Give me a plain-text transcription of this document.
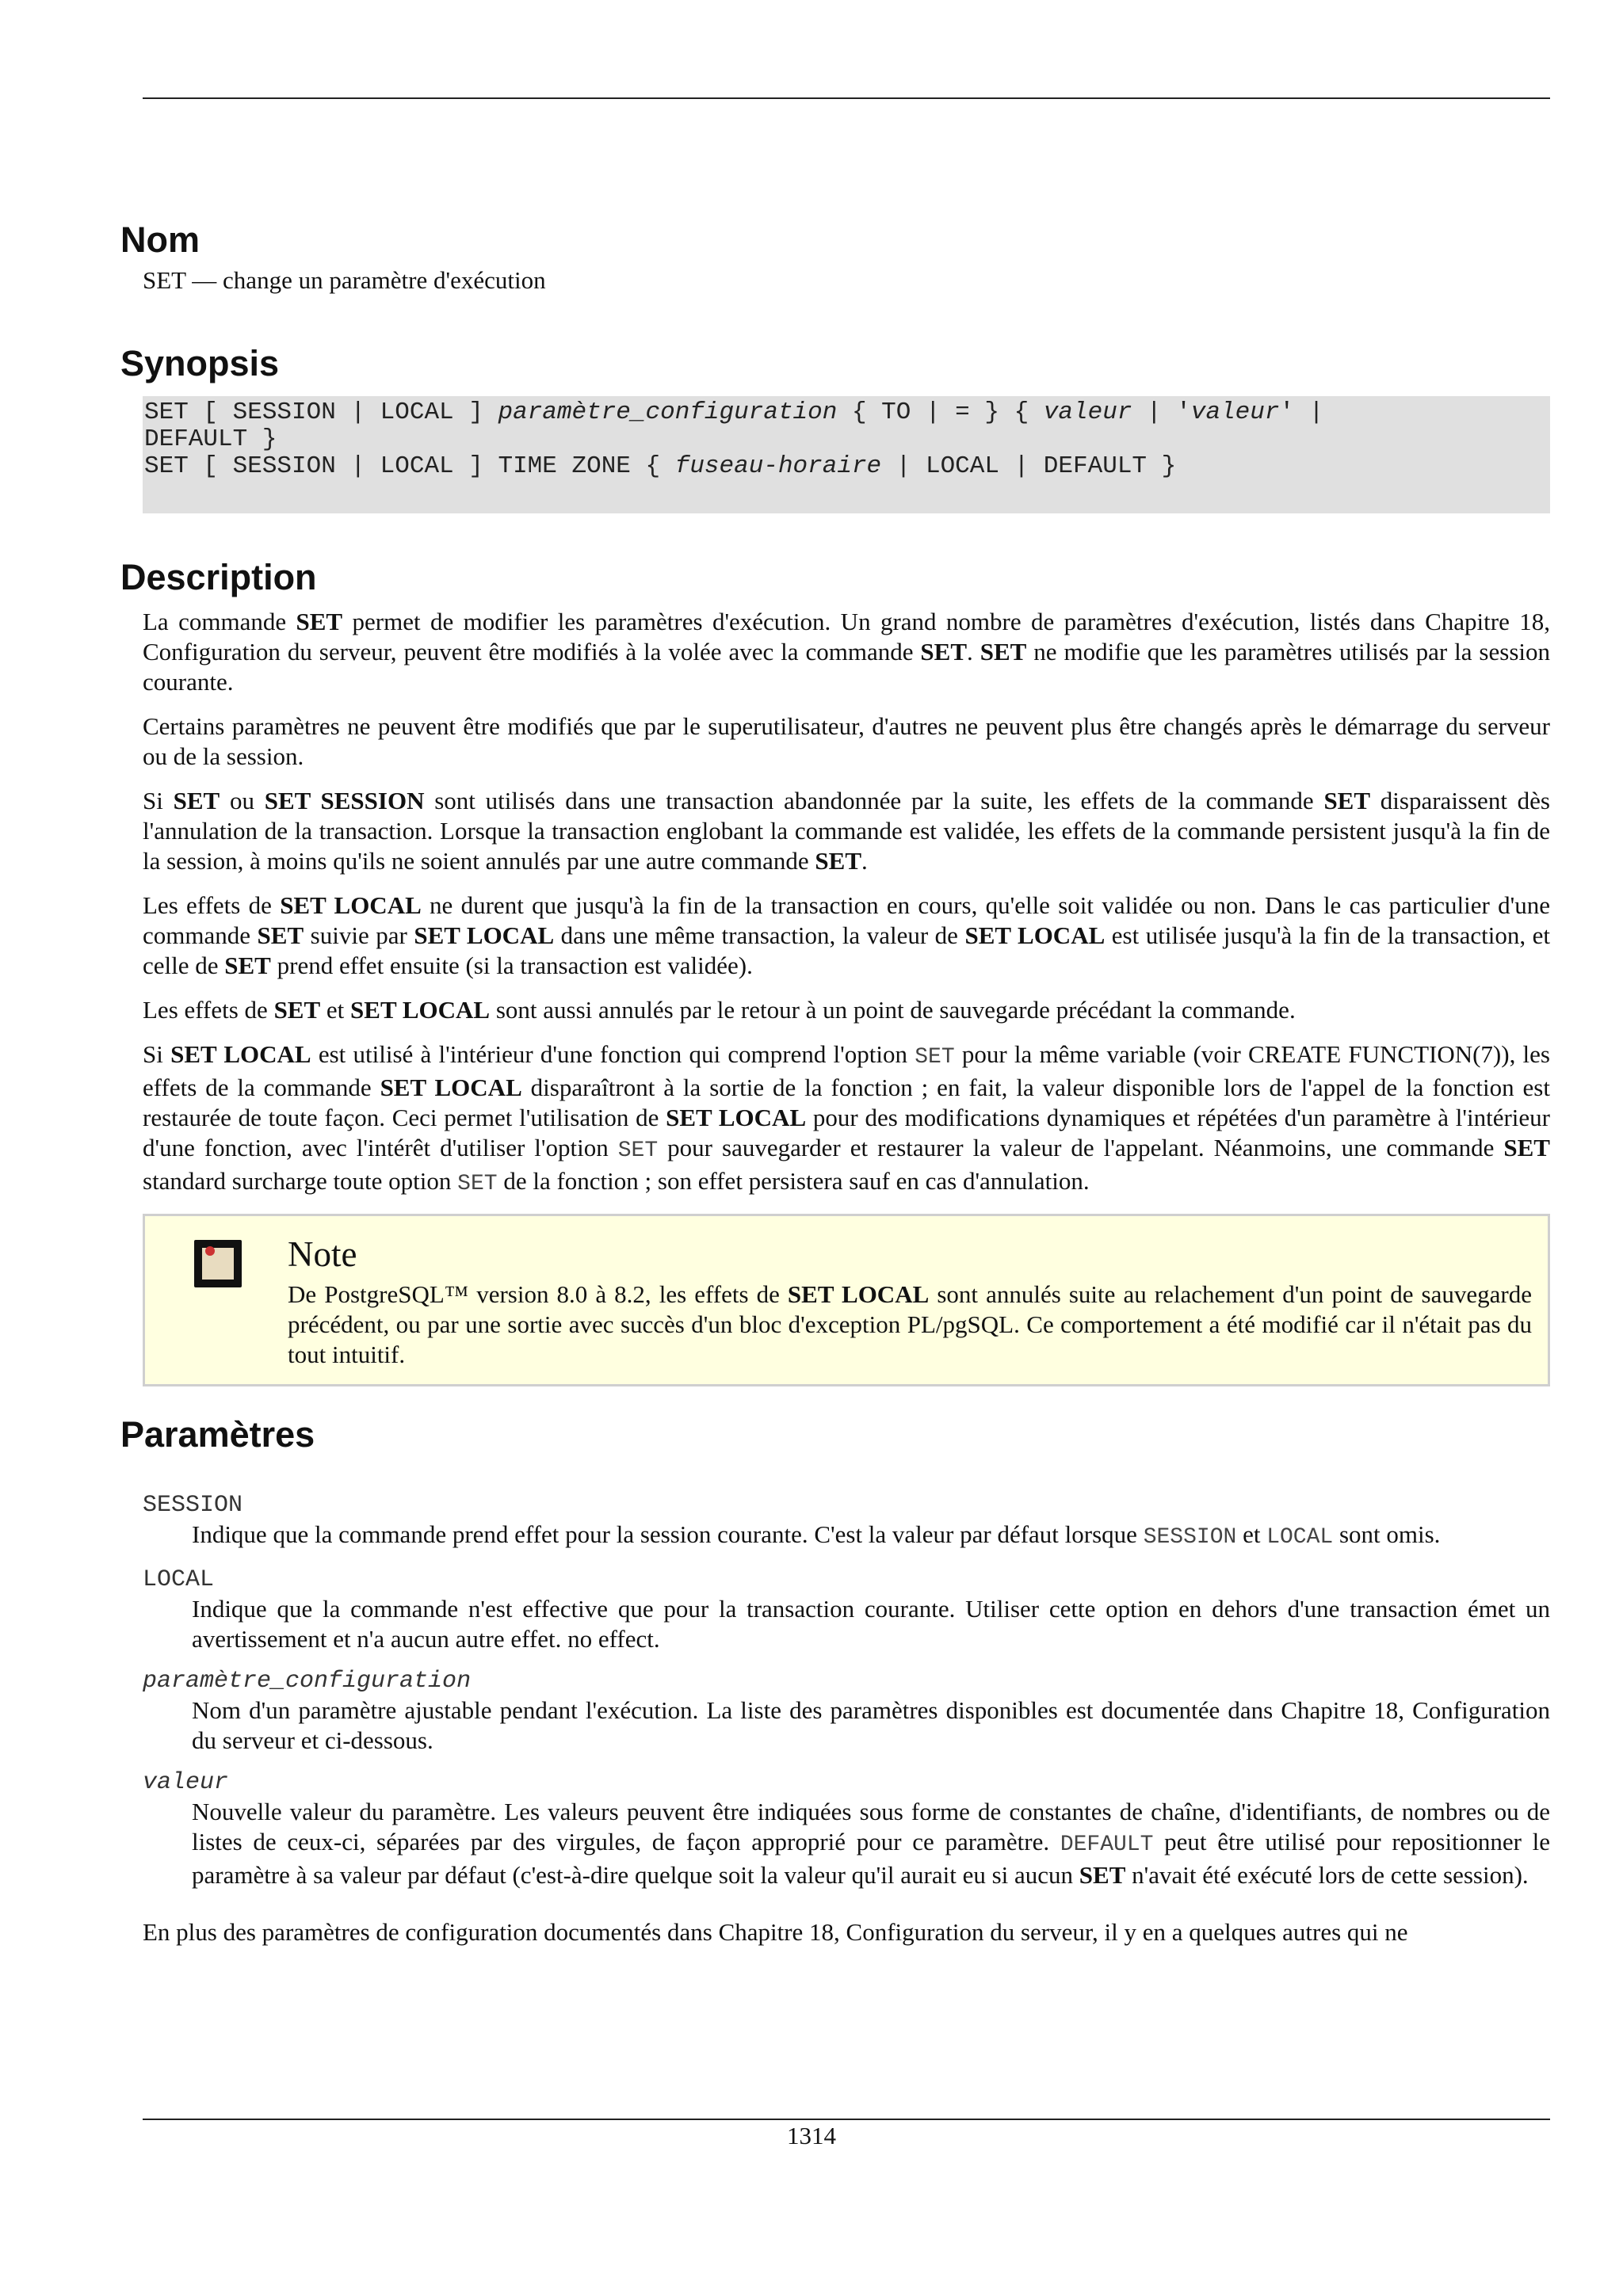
Nom
SET — change un paramètre d'exécution
Synopsis
SET [ SESSION | LOCAL ] paramètre_configuration { TO | = } { valeur | 'valeur' |
DEFAULT }
SET [ SESSION | LOCAL ] TIME ZONE { fuseau-horaire | LOCAL | DEFAULT }
Description

La commande SET permet de modifier les paramètres d'exécution. Un grand nombre de paramètres d'exécution, listés dans Chapitre 18, Configuration du serveur, peuvent être modifiés à la volée avec la commande SET. SET ne modifie que les paramètres utilisés par la session courante.

Certains paramètres ne peuvent être modifiés que par le superutilisateur, d'autres ne peuvent plus être changés après le démarrage du serveur ou de la session.

Si SET ou SET SESSION sont utilisés dans une transaction abandonnée par la suite, les effets de la commande SET disparaissent dès l'annulation de la transaction. Lorsque la transaction englobant la commande est validée, les effets de la commande persistent jusqu'à la fin de la session, à moins qu'ils ne soient annulés par une autre commande SET.

Les effets de SET LOCAL ne durent que jusqu'à la fin de la transaction en cours, qu'elle soit validée ou non. Dans le cas particulier d'une commande SET suivie par SET LOCAL dans une même transaction, la valeur de SET LOCAL est utilisée jusqu'à la fin de la transaction, et celle de SET prend effet ensuite (si la transaction est validée).

Les effets de SET et SET LOCAL sont aussi annulés par le retour à un point de sauvegarde précédant la commande.

Si SET LOCAL est utilisé à l'intérieur d'une fonction qui comprend l'option SET pour la même variable (voir CREATE FUNCTION(7)), les effets de la commande SET LOCAL disparaîtront à la sortie de la fonction ; en fait, la valeur disponible lors de l'appel de la fonction est restaurée de toute façon. Ceci permet l'utilisation de SET LOCAL pour des modifications dynamiques et répétées d'un paramètre à l'intérieur d'une fonction, avec l'intérêt d'utiliser l'option SET pour sauvegarder et restaurer la valeur de l'appelant. Néanmoins, une commande SET standard surcharge toute option SET de la fonction ; son effet persistera sauf en cas d'annulation.

Note

De PostgreSQL™ version 8.0 à 8.2, les effets de SET LOCAL sont annulés suite au relachement d'un point de sauvegarde précédent, ou par une sortie avec succès d'un bloc d'exception PL/pgSQL. Ce comportement a été modifié car il n'était pas du tout intuitif.

Paramètres
SESSION
Indique que la commande prend effet pour la session courante. C'est la valeur par défaut lorsque SESSION et LOCAL sont omis.
LOCAL
Indique que la commande n'est effective que pour la transaction courante. Utiliser cette option en dehors d'une transaction émet un avertissement et n'a aucun autre effet. no effect.
paramètre_configuration
Nom d'un paramètre ajustable pendant l'exécution. La liste des paramètres disponibles est documentée dans Chapitre 18, Configuration du serveur et ci-dessous.
valeur
Nouvelle valeur du paramètre. Les valeurs peuvent être indiquées sous forme de constantes de chaîne, d'identifiants, de nombres ou de listes de ceux-ci, séparées par des virgules, de façon approprié pour ce paramètre. DEFAULT peut être utilisé pour repositionner le paramètre à sa valeur par défaut (c'est-à-dire quelque soit la valeur qu'il aurait eu si aucun SET n'avait été exécuté lors de cette session).

En plus des paramètres de configuration documentés dans Chapitre 18, Configuration du serveur, il y en a quelques autres qui ne

1314
